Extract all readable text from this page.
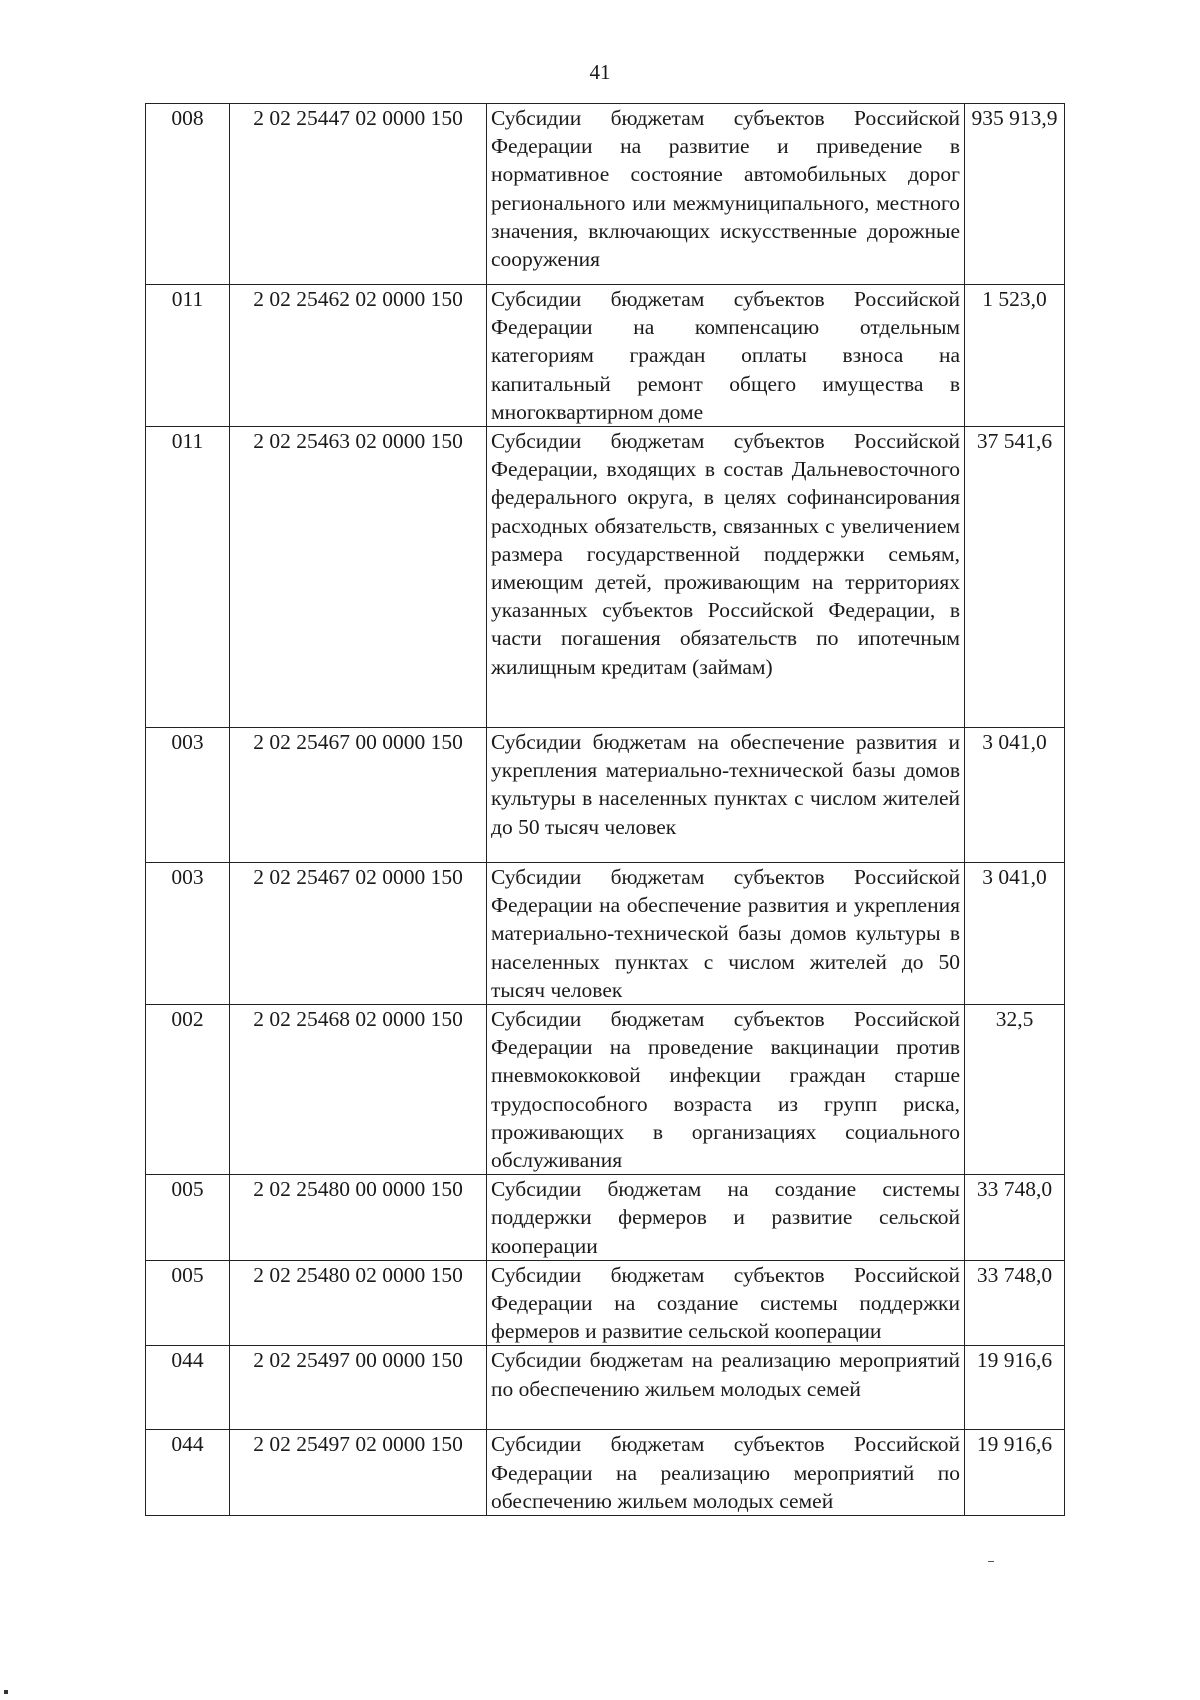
41
008	2 02 25447 02 0000 150	Субсидии бюджетам субъектов Российской Федерации на развитие и приведение в нормативное состояние автомобильных дорог регионального или межмуниципального, местного значения, включающих искусственные дорожные сооружения	935 913,9
011	2 02 25462 02 0000 150	Субсидии бюджетам субъектов Российской Федерации на компенсацию отдельным категориям граждан оплаты взноса на капитальный ремонт общего имущества в многоквартирном доме	1 523,0
011	2 02 25463 02 0000 150	Субсидии бюджетам субъектов Российской Федерации, входящих в состав Дальневосточного федерального округа, в целях софинансирования расходных обязательств, связанных с увеличением размера государственной поддержки семьям, имеющим детей, проживающим на территориях указанных субъектов Российской Федерации, в части погашения обязательств по ипотечным жилищным кредитам (займам)	37 541,6
003	2 02 25467 00 0000 150	Субсидии бюджетам на обеспечение развития и укрепления материально-технической базы домов культуры в населенных пунктах с числом жителей до 50 тысяч человек	3 041,0
003	2 02 25467 02 0000 150	Субсидии бюджетам субъектов Российской Федерации на обеспечение развития и укрепления материально-технической базы домов культуры в населенных пунктах с числом жителей до 50 тысяч человек	3 041,0
002	2 02 25468 02 0000 150	Субсидии бюджетам субъектов Российской Федерации на проведение вакцинации против пневмококковой инфекции граждан старше трудоспособного возраста из групп риска, проживающих в организациях социального обслуживания	32,5
005	2 02 25480 00 0000 150	Субсидии бюджетам на создание системы поддержки фермеров и развитие сельской кооперации	33 748,0
005	2 02 25480 02 0000 150	Субсидии бюджетам субъектов Российской Федерации на создание системы поддержки фермеров и развитие сельской кооперации	33 748,0
044	2 02 25497 00 0000 150	Субсидии бюджетам на реализацию мероприятий по обеспечению жильем молодых семей	19 916,6
044	2 02 25497 02 0000 150	Субсидии бюджетам субъектов Российской Федерации на реализацию мероприятий по обеспечению жильем молодых семей	19 916,6
